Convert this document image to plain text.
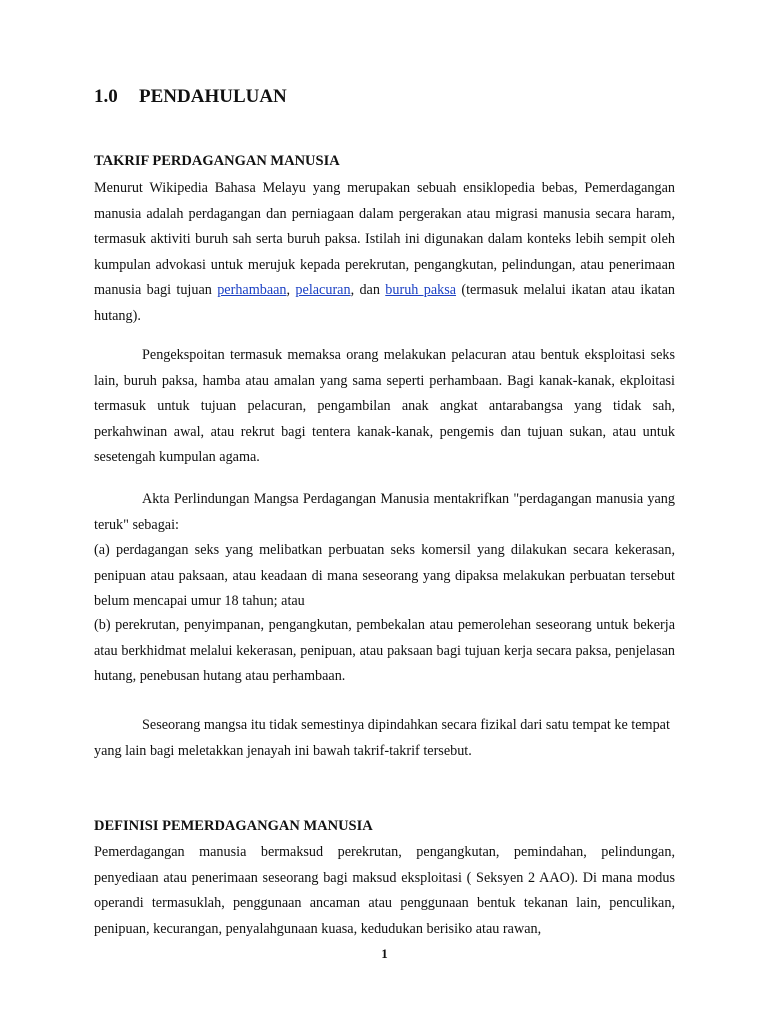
1.0 PENDAHULUAN
TAKRIF PERDAGANGAN MANUSIA

Menurut Wikipedia Bahasa Melayu yang merupakan sebuah ensiklopedia bebas, Pemerdagangan manusia adalah perdagangan dan perniagaan dalam pergerakan atau migrasi manusia secara haram, termasuk aktiviti buruh sah serta buruh paksa. Istilah ini digunakan dalam konteks lebih sempit oleh kumpulan advokasi untuk merujuk kepada perekrutan, pengangkutan, pelindungan, atau penerimaan manusia bagi tujuan perhambaan, pelacuran, dan buruh paksa (termasuk melalui ikatan atau ikatan hutang).

Pengekspoitan termasuk memaksa orang melakukan pelacuran atau bentuk eksploitasi seks lain, buruh paksa, hamba atau amalan yang sama seperti perhambaan. Bagi kanak-kanak, ekploitasi termasuk untuk tujuan pelacuran, pengambilan anak angkat antarabangsa yang tidak sah, perkahwinan awal, atau rekrut bagi tentera kanak-kanak, pengemis dan tujuan sukan, atau untuk sesetengah kumpulan agama.

Akta Perlindungan Mangsa Perdagangan Manusia mentakrifkan "perdagangan manusia yang teruk" sebagai:

(a) perdagangan seks yang melibatkan perbuatan seks komersil yang dilakukan secara kekerasan, penipuan atau paksaan, atau keadaan di mana seseorang yang dipaksa melakukan perbuatan tersebut belum mencapai umur 18 tahun; atau

(b) perekrutan, penyimpanan, pengangkutan, pembekalan atau pemerolehan seseorang untuk bekerja atau berkhidmat melalui kekerasan, penipuan, atau paksaan bagi tujuan kerja secara paksa, penjelasan hutang, penebusan hutang atau perhambaan.

Seseorang mangsa itu tidak semestinya dipindahkan secara fizikal dari satu tempat ke tempat yang lain bagi meletakkan jenayah ini bawah takrif-takrif tersebut.

DEFINISI PEMERDAGANGAN MANUSIA

Pemerdagangan manusia bermaksud perekrutan, pengangkutan, pemindahan, pelindungan, penyediaan atau penerimaan seseorang bagi maksud eksploitasi ( Seksyen 2 AAO). Di mana modus operandi termasuklah, penggunaan ancaman atau penggunaan bentuk tekanan lain, penculikan, penipuan, kecurangan, penyalahgunaan kuasa, kedudukan berisiko atau rawan,

1
